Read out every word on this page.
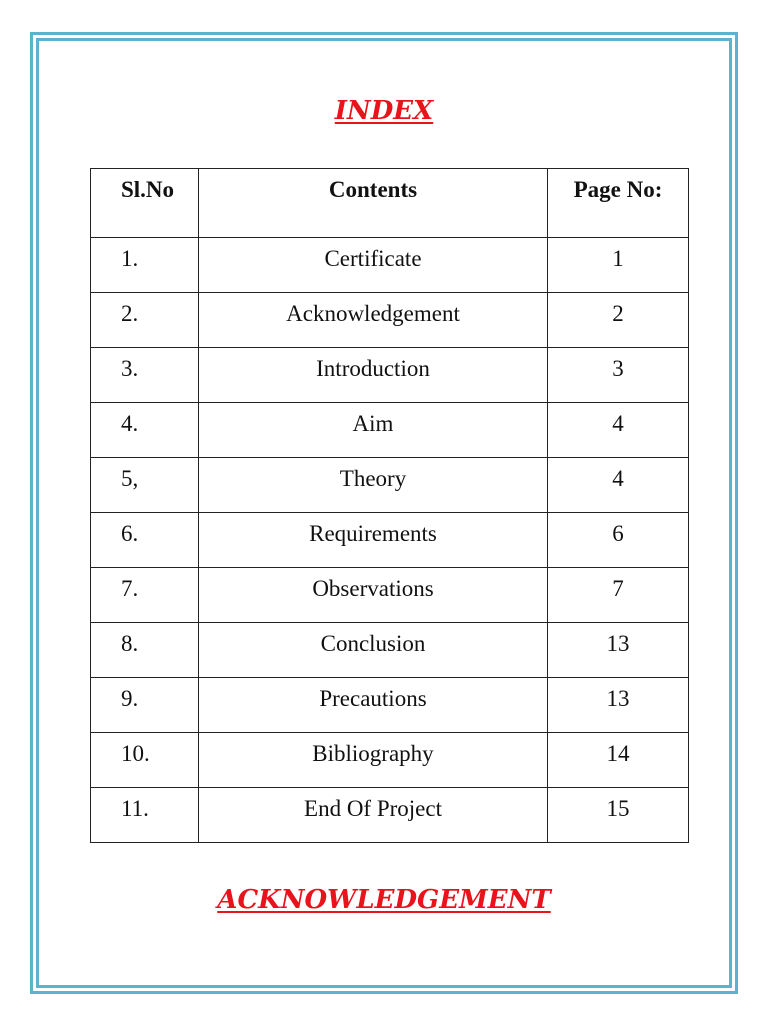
INDEX
Sl.No	Contents	Page No:
1.	Certificate	1
2.	Acknowledgement	2
3.	Introduction	3
4.	Aim	4
5,	Theory	4
6.	Requirements	6
7.	Observations	7
8.	Conclusion	13
9.	Precautions	13
10.	Bibliography	14
11.	End Of Project	15
ACKNOWLEDGEMENT
